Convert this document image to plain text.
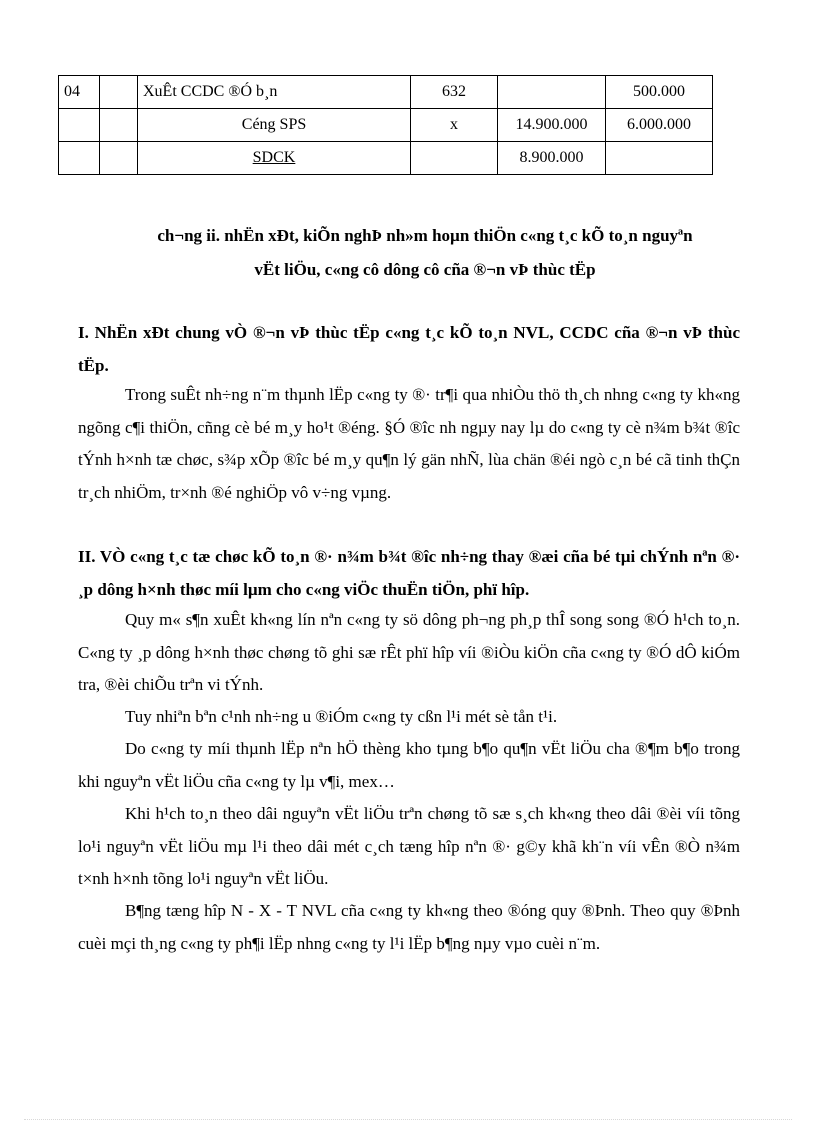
04		XuÊt CCDC ®Ó b¸n	632		500.000
		Céng SPS	x	14.900.000	6.000.000
		SDCK		8.900.000	
ch¬ng ii. nhËn xÐt, kiÕn nghÞ nh»m hoµn thiÖn c«ng t¸c kÕ to¸n nguyªn
vËt liÖu, c«ng cô dông cô cña ®¬n vÞ thùc tËp
I. NhËn xÐt chung vÒ ®¬n vÞ thùc tËp c«ng t¸c kÕ to¸n NVL, CCDC cña ®¬n vÞ thùc tËp.
Trong suÊt nh÷ng n¨m thµnh lËp c«ng ty ®· tr¶i qua nhiÒu thö th¸ch nhng c«ng ty kh«ng ngõng c¶i thiÖn, cñng cè bé m¸y ho¹t ®éng. §Ó ®îc nh ngµy nay lµ do c«ng ty cè n¾m b¾t ®îc tÝnh h×nh tæ chøc, s¾p xÕp ®îc bé m¸y qu¶n lý gän nhÑ, lùa chän ®éi ngò c¸n bé cã tinh thÇn tr¸ch nhiÖm, tr×nh ®é nghiÖp vô v÷ng vµng.
II. VÒ c«ng t¸c tæ chøc kÕ to¸n ®· n¾m b¾t ®îc nh÷ng thay ®æi cña bé tµi chÝnh nªn ®· ¸p dông h×nh thøc míi lµm cho c«ng viÖc thuËn tiÖn, phï hîp.
Quy m« s¶n xuÊt kh«ng lín nªn c«ng ty sö dông ph¬ng ph¸p thÎ song song ®Ó h¹ch to¸n. C«ng ty ¸p dông h×nh thøc chøng tõ ghi sæ rÊt phï hîp víi ®iÒu kiÖn cña c«ng ty ®Ó dÔ kiÓm tra, ®èi chiÕu trªn vi tÝnh.
Tuy nhiªn bªn c¹nh nh÷ng u ®iÓm c«ng ty cßn l¹i mét sè tån t¹i.
Do c«ng ty míi thµnh lËp nªn hÖ thèng kho tµng b¶o qu¶n vËt liÖu cha ®¶m b¶o trong khi nguyªn vËt liÖu cña c«ng ty lµ v¶i, mex…
Khi h¹ch to¸n theo dâi nguyªn vËt liÖu trªn chøng tõ sæ s¸ch kh«ng theo dâi ®èi víi tõng lo¹i nguyªn vËt liÖu mµ l¹i theo dâi mét c¸ch tæng hîp nªn ®· g©y khã kh¨n víi vÊn ®Ò n¾m t×nh h×nh tõng lo¹i nguyªn vËt liÖu.
B¶ng tæng hîp N - X - T NVL cña c«ng ty kh«ng theo ®óng quy ®Þnh. Theo quy ®Þnh cuèi mçi th¸ng c«ng ty ph¶i lËp nhng c«ng ty l¹i lËp b¶ng nµy vµo cuèi n¨m.
